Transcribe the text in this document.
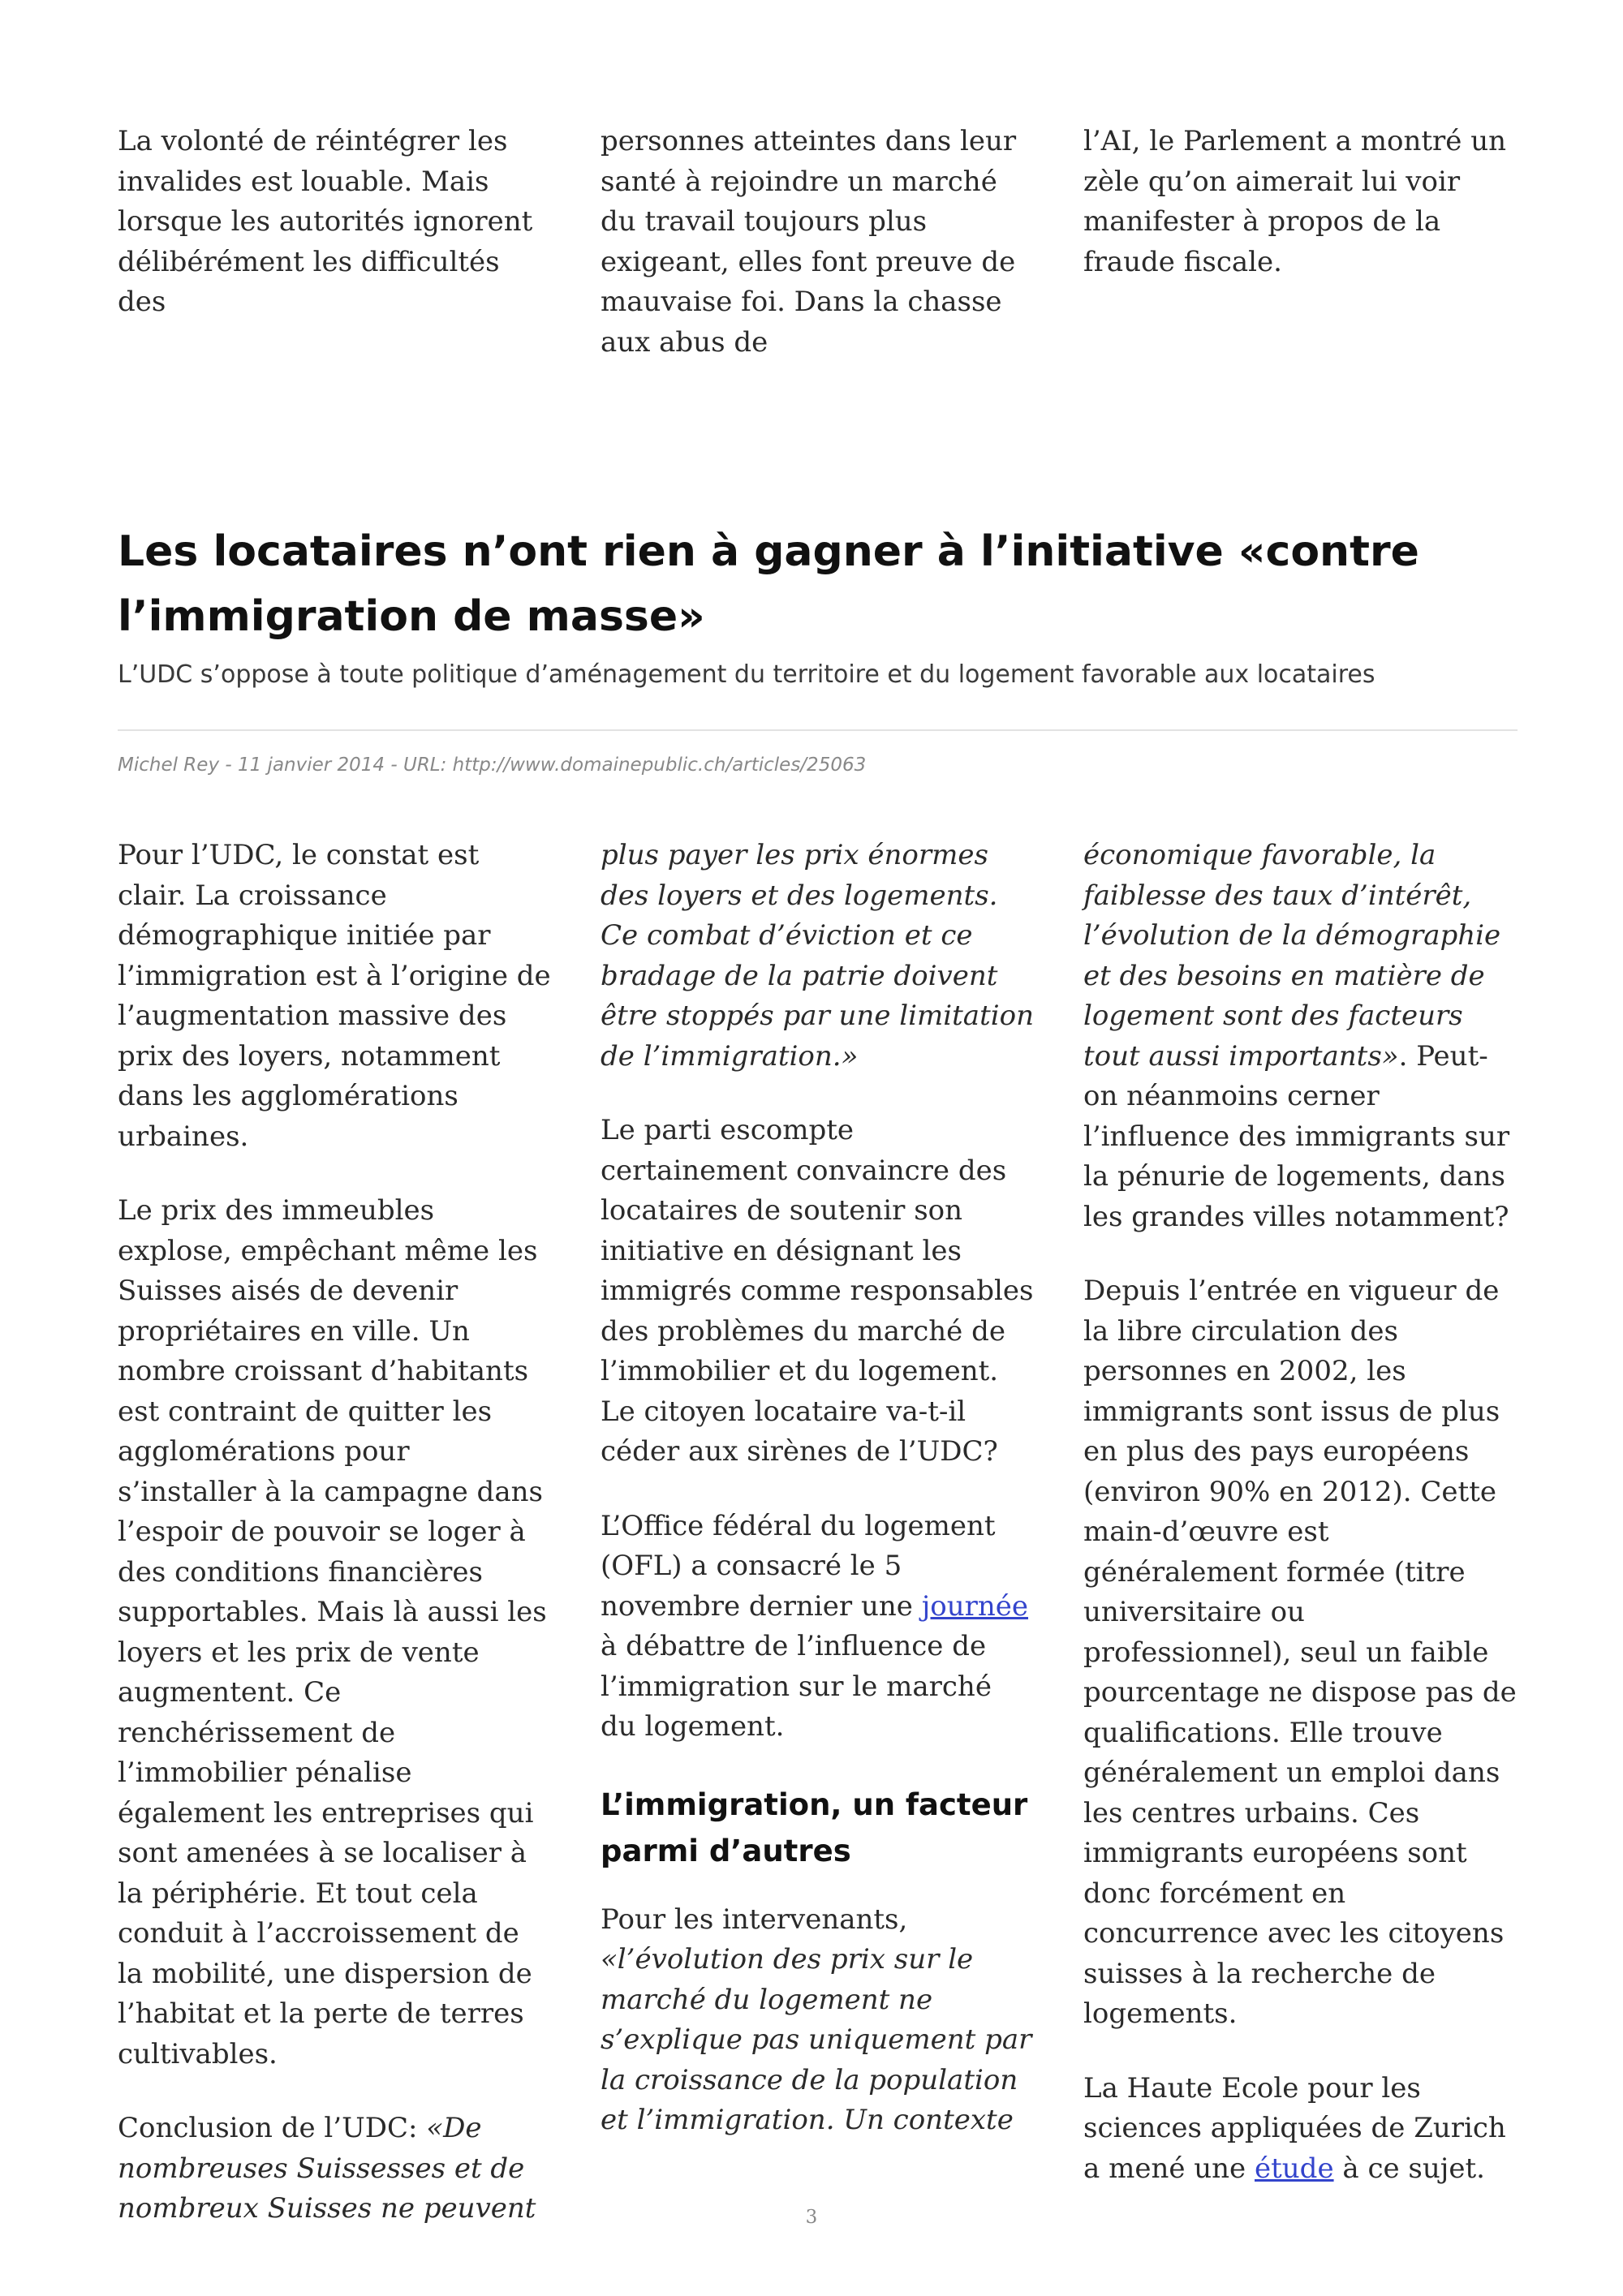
La volonté de réintégrer les invalides est louable. Mais lorsque les autorités ignorent délibérément les difficultés des

personnes atteintes dans leur santé à rejoindre un marché du travail toujours plus exigeant, elles font preuve de mauvaise foi. Dans la chasse aux abus de

l’AI, le Parlement a montré un zèle qu’on aimerait lui voir manifester à propos de la fraude fiscale.

Les locataires n’ont rien à gagner à l’initiative «contre l’immigration de masse»

L’UDC s’oppose à toute politique d’aménagement du territoire et du logement favorable aux locataires

Michel Rey - 11 janvier 2014 - URL: http://www.domainepublic.ch/articles/25063

Pour l’UDC, le constat est clair. La croissance démographique initiée par l’immigration est à l’origine de l’augmentation massive des prix des loyers, notamment dans les agglomérations urbaines.

Le prix des immeubles explose, empêchant même les Suisses aisés de devenir propriétaires en ville. Un nombre croissant d’habitants est contraint de quitter les agglomérations pour s’installer à la campagne dans l’espoir de pouvoir se loger à des conditions financières supportables. Mais là aussi les loyers et les prix de vente augmentent. Ce renchérissement de l’immobilier pénalise également les entreprises qui sont amenées à se localiser à la périphérie. Et tout cela conduit à l’accroissement de la mobilité, une dispersion de l’habitat et la perte de terres cultivables.

Conclusion de l’UDC: «De nombreuses Suissesses et de nombreux Suisses ne peuvent

plus payer les prix énormes des loyers et des logements. Ce combat d’éviction et ce bradage de la patrie doivent être stoppés par une limitation de l’immigration.»

Le parti escompte certainement convaincre des locataires de soutenir son initiative en désignant les immigrés comme responsables des problèmes du marché de l’immobilier et du logement. Le citoyen locataire va-t-il céder aux sirènes de l’UDC?

L’Office fédéral du logement (OFL) a consacré le 5 novembre dernier une journée à débattre de l’influence de l’immigration sur le marché du logement.

L’immigration, un facteur parmi d’autres

Pour les intervenants, «l’évolution des prix sur le marché du logement ne s’explique pas uniquement par la croissance de la population et l’immigration. Un contexte

économique favorable, la faiblesse des taux d’intérêt, l’évolution de la démographie et des besoins en matière de logement sont des facteurs tout aussi importants». Peut-on néanmoins cerner l’influence des immigrants sur la pénurie de logements, dans les grandes villes notamment?

Depuis l’entrée en vigueur de la libre circulation des personnes en 2002, les immigrants sont issus de plus en plus des pays européens (environ 90% en 2012). Cette main-d’œuvre est généralement formée (titre universitaire ou professionnel), seul un faible pourcentage ne dispose pas de qualifications. Elle trouve généralement un emploi dans les centres urbains. Ces immigrants européens sont donc forcément en concurrence avec les citoyens suisses à la recherche de logements.

La Haute Ecole pour les sciences appliquées de Zurich a mené une étude à ce sujet.

3
